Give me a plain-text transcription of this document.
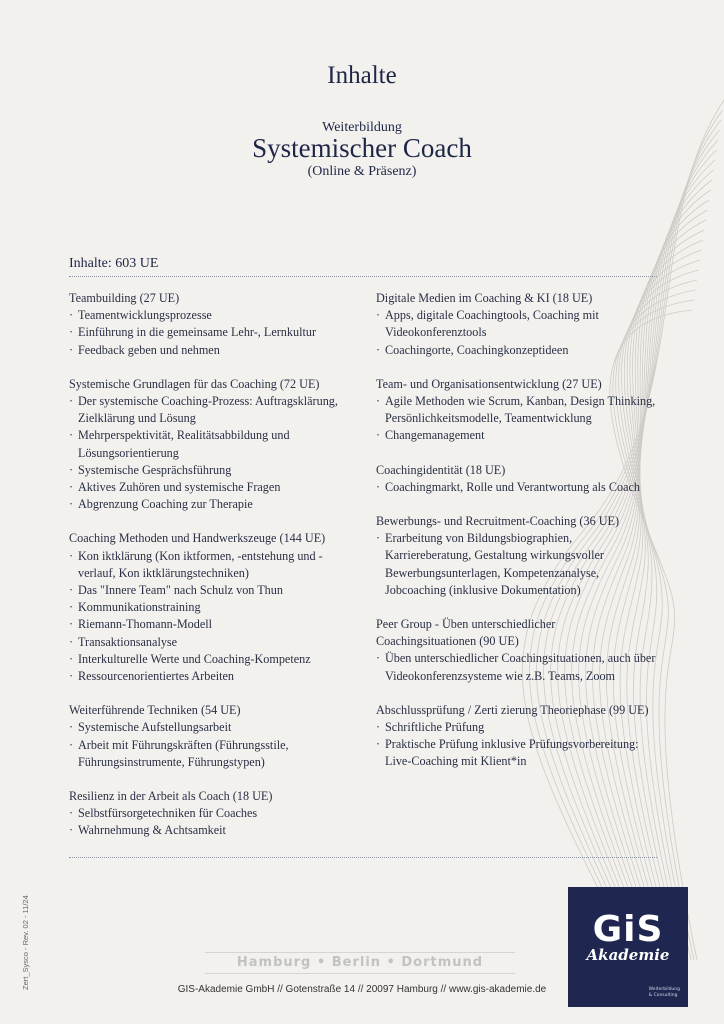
Inhalte
Weiterbildung
Systemischer Coach
(Online & Präsenz)
Inhalte: 603 UE
Teambuilding (27 UE)
· Teamentwicklungsprozesse
· Einführung in die gemeinsame Lehr-, Lernkultur
· Feedback geben und nehmen
Systemische Grundlagen für das Coaching (72 UE)
· Der systemische Coaching-Prozess: Auftragsklärung, Zielklärung und Lösung
· Mehrperspektivität, Realitätsabbildung und Lösungsorientierung
· Systemische Gesprächsführung
· Aktives Zuhören und systemische Fragen
· Abgrenzung Coaching zur Therapie
Coaching Methoden und Handwerkszeuge (144 UE)
· Kon iktklärung (Kon iktformen, -entstehung und -verlauf, Kon iktklärungstechniken)
· Das "Innere Team" nach Schulz von Thun
· Kommunikationstraining
· Riemann-Thomann-Modell
· Transaktionsanalyse
· Interkulturelle Werte und Coaching-Kompetenz
· Ressourcenorientiertes Arbeiten
Weiterführende Techniken (54 UE)
· Systemische Aufstellungsarbeit
· Arbeit mit Führungskräften (Führungsstile, Führungsinstrumente, Führungstypen)
Resilienz in der Arbeit als Coach (18 UE)
· Selbstfürsorgetechniken für Coaches
· Wahrnehmung & Achtsamkeit
Digitale Medien im Coaching & KI (18 UE)
· Apps, digitale Coachingtools, Coaching mit Videokonferenztools
· Coachingorte, Coachingkonzeptideen
Team- und Organisationsentwicklung (27 UE)
· Agile Methoden wie Scrum, Kanban, Design Thinking, Persönlichkeitsmodelle, Teamentwicklung
· Changemanagement
Coachingidentität (18 UE)
· Coachingmarkt, Rolle und Verantwortung als Coach
Bewerbungs- und Recruitment-Coaching (36 UE)
· Erarbeitung von Bildungsbiographien, Karriereberatung, Gestaltung wirkungsvoller Bewerbungsunterlagen, Kompetenzanalyse, Jobcoaching (inklusive Dokumentation)
Peer Group - Üben unterschiedlicher Coachingsituationen (90 UE)
· Üben unterschiedlicher Coachingsituationen, auch über Videokonferenzsysteme wie z.B. Teams, Zoom
Abschlussprüfung / Zerti zierung Theoriephase (99 UE)
· Schriftliche Prüfung
· Praktische Prüfung inklusive Prüfungsvorbereitung: Live-Coaching mit Klient*in
Zert_Sysco - Rev. 02 - 11/24	Hamburg • Berlin • Dortmund
GIS-Akademie GmbH // Gotenstraße 14 // 20097 Hamburg // www.gis-akademie.de
GiS
Akademie
Weiterbildung
& Consulting
